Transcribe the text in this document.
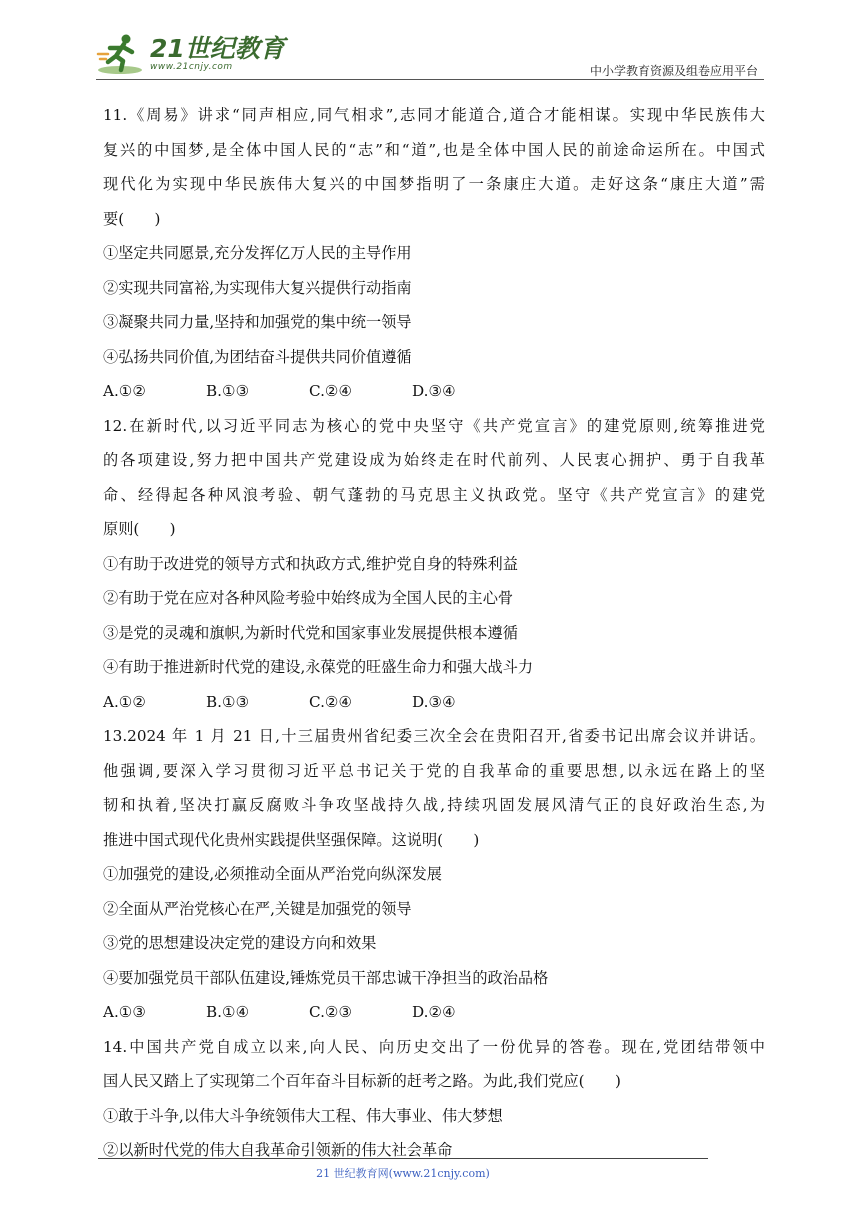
21世纪教育
www.21cnjy.com	中小学教育资源及组卷应用平台
11.《周易》讲求“同声相应,同气相求”,志同才能道合,道合才能相谋。实现中华民族伟大
复兴的中国梦,是全体中国人民的“志”和“道”,也是全体中国人民的前途命运所在。中国式
现代化为实现中华民族伟大复兴的中国梦指明了一条康庄大道。走好这条“康庄大道”需
要(　　)
①坚定共同愿景,充分发挥亿万人民的主导作用
②实现共同富裕,为实现伟大复兴提供行动指南
③凝聚共同力量,坚持和加强党的集中统一领导
④弘扬共同价值,为团结奋斗提供共同价值遵循
A.①②	B.①③	C.②④	D.③④
12.在新时代,以习近平同志为核心的党中央坚守《共产党宣言》的建党原则,统筹推进党
的各项建设,努力把中国共产党建设成为始终走在时代前列、人民衷心拥护、勇于自我革
命、经得起各种风浪考验、朝气蓬勃的马克思主义执政党。坚守《共产党宣言》的建党
原则(　　)
①有助于改进党的领导方式和执政方式,维护党自身的特殊利益
②有助于党在应对各种风险考验中始终成为全国人民的主心骨
③是党的灵魂和旗帜,为新时代党和国家事业发展提供根本遵循
④有助于推进新时代党的建设,永葆党的旺盛生命力和强大战斗力
A.①②	B.①③	C.②④	D.③④
13.2024 年 1 月 21 日,十三届贵州省纪委三次全会在贵阳召开,省委书记出席会议并讲话。
他强调,要深入学习贯彻习近平总书记关于党的自我革命的重要思想,以永远在路上的坚
韧和执着,坚决打赢反腐败斗争攻坚战持久战,持续巩固发展风清气正的良好政治生态,为
推进中国式现代化贵州实践提供坚强保障。这说明(　　)
①加强党的建设,必须推动全面从严治党向纵深发展
②全面从严治党核心在严,关键是加强党的领导
③党的思想建设决定党的建设方向和效果
④要加强党员干部队伍建设,锤炼党员干部忠诚干净担当的政治品格
A.①③	B.①④	C.②③	D.②④
14.中国共产党自成立以来,向人民、向历史交出了一份优异的答卷。现在,党团结带领中
国人民又踏上了实现第二个百年奋斗目标新的赶考之路。为此,我们党应(　　)
①敢于斗争,以伟大斗争统领伟大工程、伟大事业、伟大梦想
②以新时代党的伟大自我革命引领新的伟大社会革命
21 世纪教育网(www.21cnjy.com)
